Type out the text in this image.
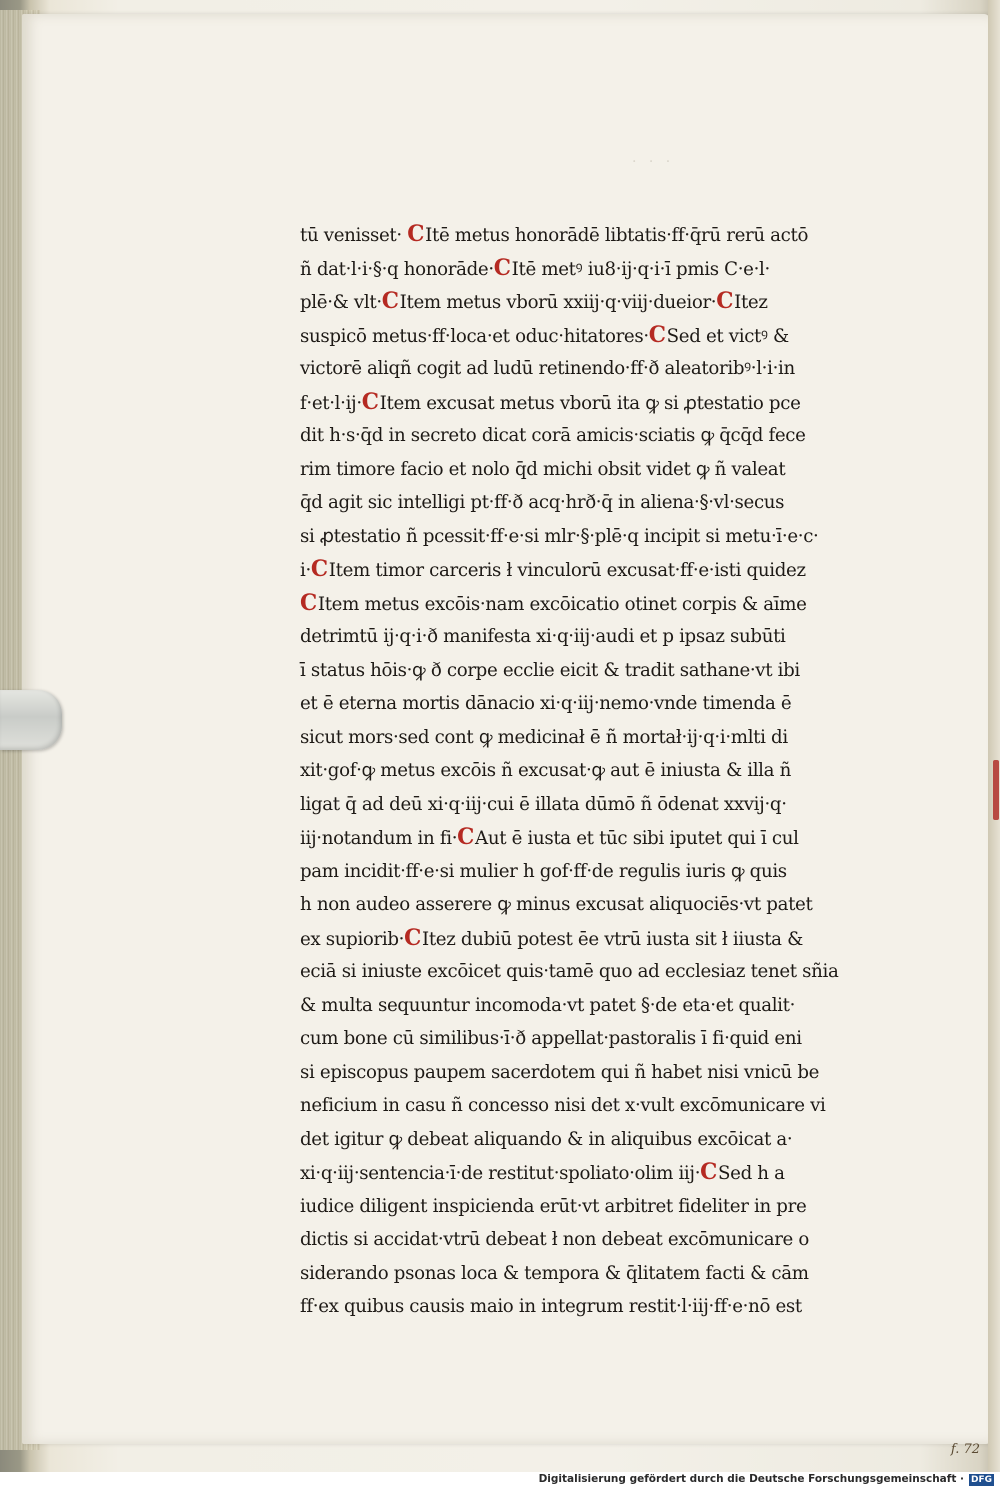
· · ·
tū venisset· CItē metus honorādē libtatis·ff·q̄rū rerū actō
ñ dat·l·i·§·q honorāde·CItē metꝰ iu8·ij·q·i·ī pmis C·e·l·
plē·& vlt·CItem metus vborū xxiij·q·viij·dueior·CItez
suspicō metus·ff·loca·et oduc·hitatores·CSed et victꝰ &
victorē aliqñ cogit ad ludū retinendo·ff·ð aleatoribꝰ·l·i·in
f·et·l·ij·CItem excusat metus vborū ita ꝙ si ꝓtestatio pce
dit h·s·q̄d in secreto dicat corā amicis·sciatis ꝙ q̄cq̄d fece
rim timore facio et nolo q̄d michi obsit videt ꝙ ñ valeat
q̄d agit sic intelligi pt·ff·ð acq·hrð·q̄ in aliena·§·vl·secus
si ꝓtestatio ñ pcessit·ff·e·si mlr·§·plē·q incipit si metu·ī·e·c·
i·CItem timor carceris ł vinculorū excusat·ff·e·isti quidez
CItem metus excōis·nam excōicatio otinet corpis & aīme
detrimtū ij·q·i·ð manifesta xi·q·iij·audi et p ipsaz subūti
ī status hōis·ꝙ ð corpe ecclie eicit & tradit sathane·vt ibi
et ē eterna mortis dānacio xi·q·iij·nemo·vnde timenda ē
sicut mors·sed cont ꝙ medicinał ē ñ mortał·ij·q·i·mlti di
xit·gof·ꝙ metus excōis ñ excusat·ꝙ aut ē iniusta & illa ñ
ligat q̄ ad deū xi·q·iij·cui ē illata dūmō ñ ōdenat xxvij·q·
iij·notandum in fi·CAut ē iusta et tūc sibi iputet qui ī cul
pam incidit·ff·e·si mulier h gof·ff·de regulis iuris ꝙ quis
h non audeo asserere ꝙ minus excusat aliquociēs·vt patet
ex supiorib·CItez dubiū potest ēe vtrū iusta sit ł iiusta &
eciā si iniuste excōicet quis·tamē quo ad ecclesiaz tenet sñia
& multa sequuntur incomoda·vt patet §·de eta·et qualit·
cum bone cū similibus·ī·ð appellat·pastoralis ī fi·quid eni
si episcopus paupem sacerdotem qui ñ habet nisi vnicū be
neficium in casu ñ concesso nisi det x·vult excōmunicare vi
det igitur ꝙ debeat aliquando & in aliquibus excōicat a·
xi·q·iij·sentencia·ī·de restitut·spoliato·olim iij·CSed h a
iudice diligent inspicienda erūt·vt arbitret fideliter in pre
dictis si accidat·vtrū debeat ł non debeat excōmunicare o
siderando psonas loca & tempora & q̄litatem facti & cām
ff·ex quibus causis maio in integrum restit·l·iij·ff·e·nō est
f. 72
Digitalisierung gefördert durch die Deutsche Forschungsgemeinschaft · DFG
